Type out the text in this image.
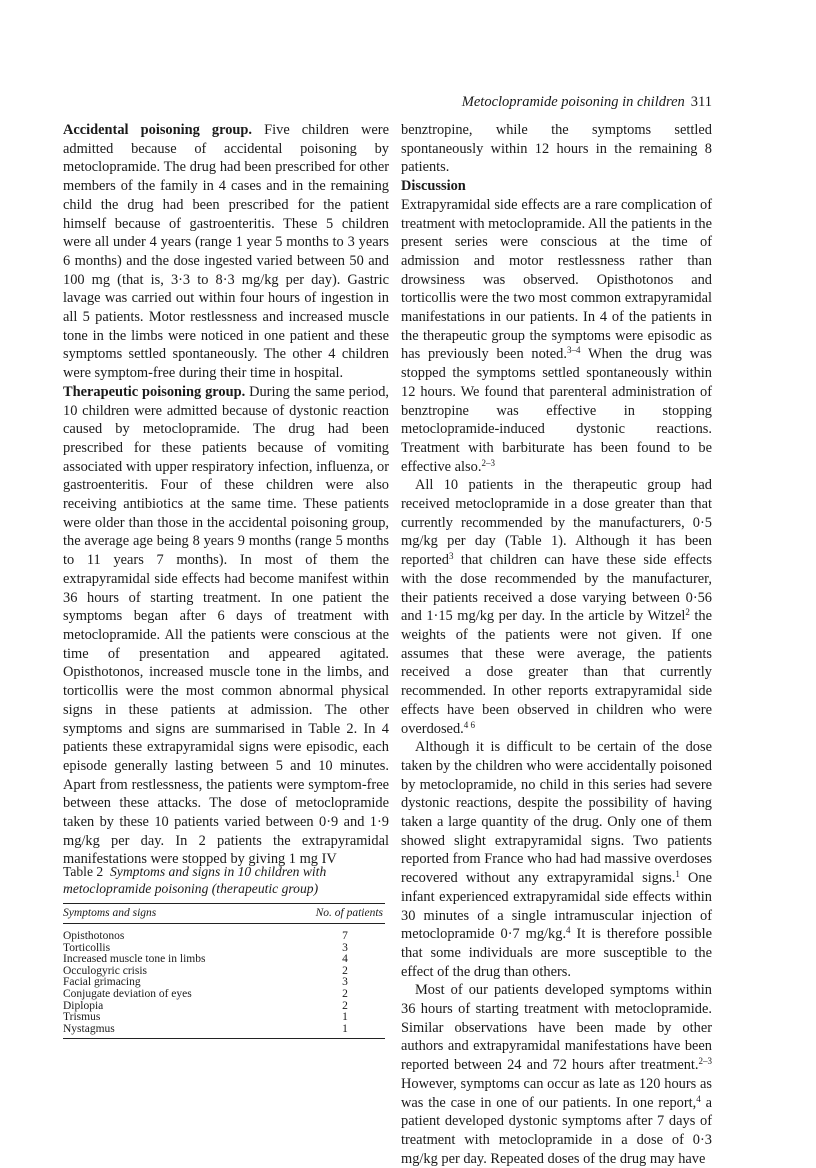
Metoclopramide poisoning in children 311

Accidental poisoning group. Five children were admitted because of accidental poisoning by metoclopramide. The drug had been prescribed for other members of the family in 4 cases and in the remaining child the drug had been prescribed for the patient himself because of gastroenteritis. These 5 children were all under 4 years (range 1 year 5 months to 3 years 6 months) and the dose ingested varied between 50 and 100 mg (that is, 3·3 to 8·3 mg/kg per day). Gastric lavage was carried out within four hours of ingestion in all 5 patients. Motor restlessness and increased muscle tone in the limbs were noticed in one patient and these symptoms settled spontaneously. The other 4 children were symptom-free during their time in hospital.

Therapeutic poisoning group. During the same period, 10 children were admitted because of dystonic reaction caused by metoclopramide. The drug had been prescribed for these patients because of vomiting associated with upper respiratory infection, influenza, or gastroenteritis. Four of these children were also receiving antibiotics at the same time. These patients were older than those in the accidental poisoning group, the average age being 8 years 9 months (range 5 months to 11 years 7 months). In most of them the extrapyramidal side effects had become manifest within 36 hours of starting treatment. In one patient the symptoms began after 6 days of treatment with metoclopramide. All the patients were conscious at the time of presentation and appeared agitated. Opisthotonos, increased muscle tone in the limbs, and torticollis were the most common abnormal physical signs in these patients at admission. The other symptoms and signs are summarised in Table 2. In 4 patients these extrapyramidal signs were episodic, each episode generally lasting between 5 and 10 minutes. Apart from restlessness, the patients were symptom-free between these attacks. The dose of metoclopramide taken by these 10 patients varied between 0·9 and 1·9 mg/kg per day. In 2 patients the extrapyramidal manifestations were stopped by giving 1 mg IV

Table 2 Symptoms and signs in 10 children with metoclopramide poisoning (therapeutic group)
Symptoms and signs	No. of patients
Opisthotonos	7
Torticollis	3
Increased muscle tone in limbs	4
Occulogyric crisis	2
Facial grimacing	3
Conjugate deviation of eyes	2
Diplopia	2
Trismus	1
Nystagmus	1

benztropine, while the symptoms settled spontaneously within 12 hours in the remaining 8 patients.

Discussion

Extrapyramidal side effects are a rare complication of treatment with metoclopramide. All the patients in the present series were conscious at the time of admission and motor restlessness rather than drowsiness was observed. Opisthotonos and torticollis were the two most common extrapyramidal manifestations in our patients. In 4 of the patients in the therapeutic group the symptoms were episodic as has previously been noted.$^{3-4}$ When the drug was stopped the symptoms settled spontaneously within 12 hours. We found that parenteral administration of benztropine was effective in stopping metoclopramide-induced dystonic reactions. Treatment with barbiturate has been found to be effective also.$^{2-3}$

All 10 patients in the therapeutic group had received metoclopramide in a dose greater than that currently recommended by the manufacturers, 0·5 mg/kg per day (Table 1). Although it has been reported$^3$ that children can have these side effects with the dose recommended by the manufacturer, their patients received a dose varying between 0·56 and 1·15 mg/kg per day. In the article by Witzel$^2$ the weights of the patients were not given. If one assumes that these were average, the patients received a dose greater than that currently recommended. In other reports extrapyramidal side effects have been observed in children who were overdosed.$^{4 6}$

Although it is difficult to be certain of the dose taken by the children who were accidentally poisoned by metoclopramide, no child in this series had severe dystonic reactions, despite the possibility of having taken a large quantity of the drug. Only one of them showed slight extrapyramidal signs. Two patients reported from France who had had massive overdoses recovered without any extrapyramidal signs.$^1$ One infant experienced extrapyramidal side effects within 30 minutes of a single intramuscular injection of metoclopramide 0·7 mg/kg.$^4$ It is therefore possible that some individuals are more susceptible to the effect of the drug than others.

Most of our patients developed symptoms within 36 hours of starting treatment with metoclopramide. Similar observations have been made by other authors and extrapyramidal manifestations have been reported between 24 and 72 hours after treatment.$^{2-3}$ However, symptoms can occur as late as 120 hours as was the case in one of our patients. In one report,$^4$ a patient developed dystonic symptoms after 7 days of treatment with metoclopramide in a dose of 0·3 mg/kg per day. Repeated doses of the drug may have
